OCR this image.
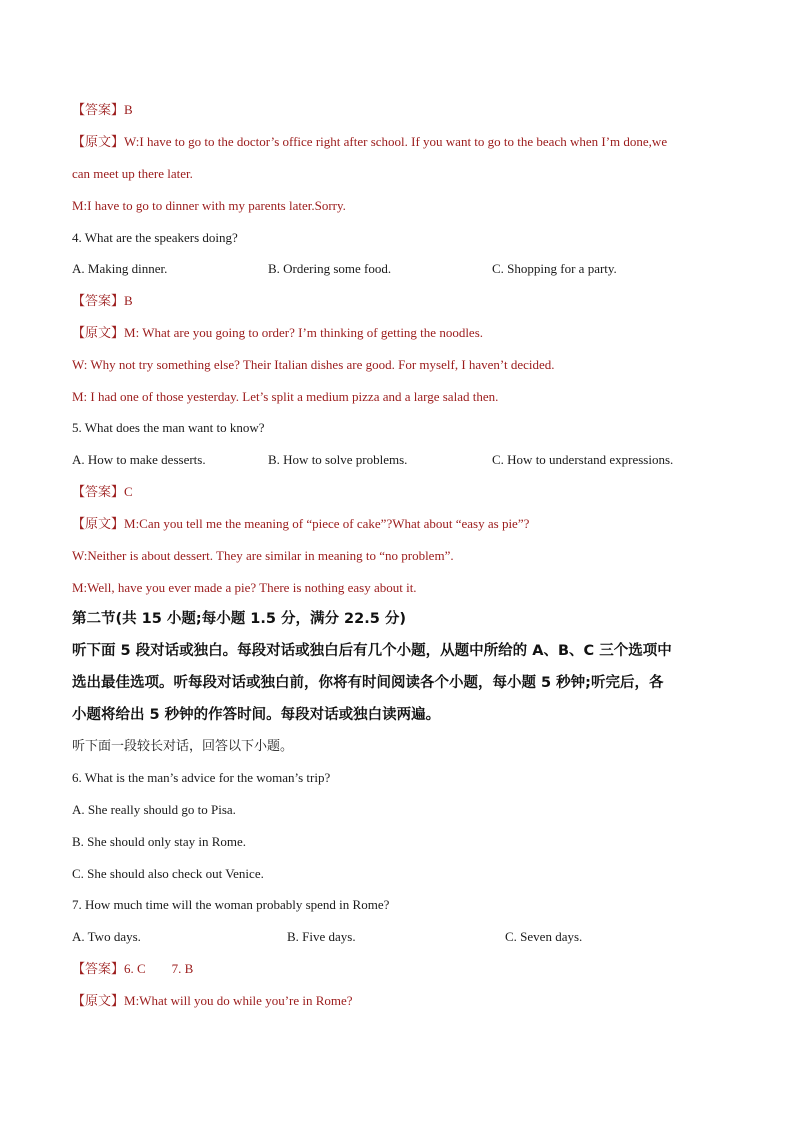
【答案】B
【原文】W:I have to go to the doctor’s office right after school. If you want to go to the beach when I’m done,we
can meet up there later.
M:I have to go to dinner with my parents later.Sorry.
4. What are the speakers doing?
A. Making dinner.	B. Ordering some food.	C. Shopping for a party.
【答案】B
【原文】M: What are you going to order? I’m thinking of getting the noodles.
W: Why not try something else? Their Italian dishes are good. For myself, I haven’t decided.
M: I had one of those yesterday. Let’s split a medium pizza and a large salad then.
5. What does the man want to know?
A. How to make desserts.	B. How to solve problems.	C. How to understand expressions.
【答案】C
【原文】M:Can you tell me the meaning of “piece of cake”?What about “easy as pie”?
W:Neither is about dessert. They are similar in meaning to “no problem”.
M:Well, have you ever made a pie? There is nothing easy about it.
第二节(共 15 小题;每小题 1.5 分，满分 22.5 分)
听下面 5 段对话或独白。每段对话或独白后有几个小题，从题中所给的 A、B、C 三个选项中
选出最佳选项。听每段对话或独白前，你将有时间阅读各个小题，每小题 5 秒钟;听完后，各
小题将给出 5 秒钟的作答时间。每段对话或独白读两遍。
听下面一段较长对话，回答以下小题。
6. What is the man’s advice for the woman’s trip?
A. She really should go to Pisa.
B. She should only stay in Rome.
C. She should also check out Venice.
7. How much time will the woman probably spend in Rome?
A. Two days.	B. Five days.	C. Seven days.
【答案】6. C        7. B
【原文】M:What will you do while you’re in Rome?
